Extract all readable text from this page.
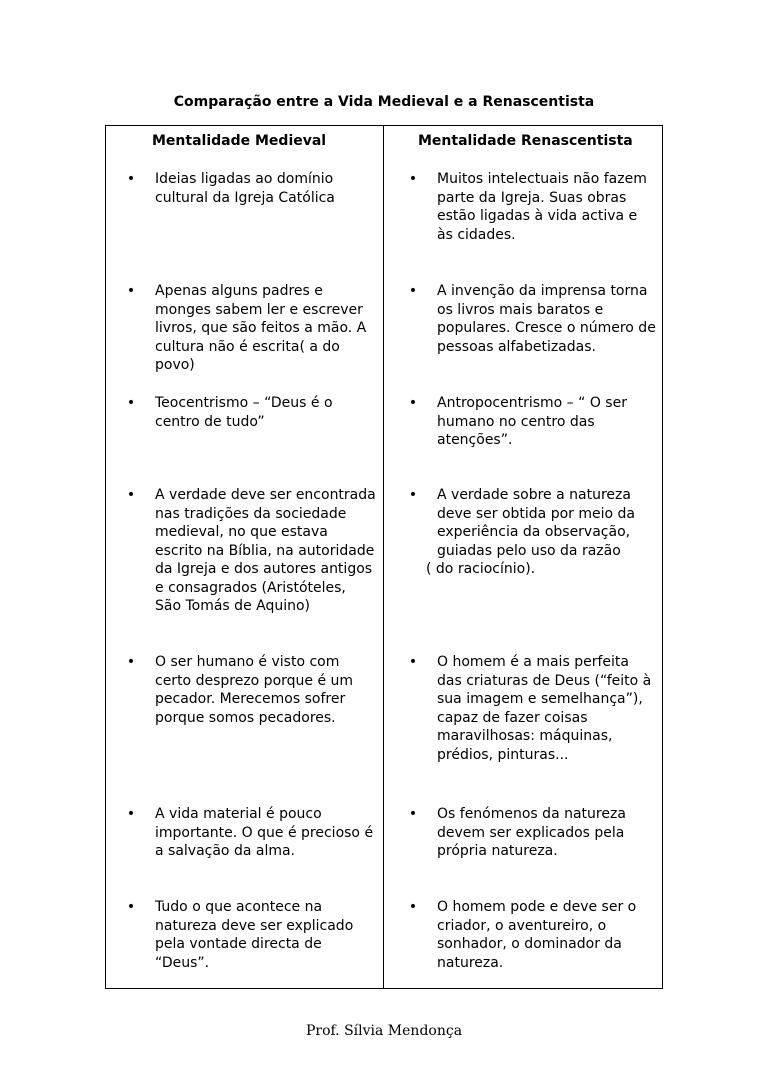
Comparação entre a Vida Medieval e a Renascentista
Mentalidade Medieval	Mentalidade Renascentista
• Ideias ligadas ao domínio cultural da Igreja Católica
• Muitos intelectuais não fazem parte da Igreja. Suas obras estão ligadas à vida activa e às cidades.
• Apenas alguns padres e monges sabem ler e escrever livros, que são feitos a mão. A cultura não é escrita( a do povo)
• A invenção da imprensa torna os livros mais baratos e populares. Cresce o número de pessoas alfabetizadas.
• Teocentrismo – “Deus é o centro de tudo”
• Antropocentrismo – “ O ser humano no centro das atenções”.
• A verdade deve ser encontrada nas tradições da sociedade medieval, no que estava escrito na Bíblia, na autoridade da Igreja e dos autores antigos e consagrados (Aristóteles, São Tomás de Aquino)
• A verdade sobre a natureza deve ser obtida por meio da experiência da observação, guiadas pelo uso da razão
( do raciocínio).
• O ser humano é visto com certo desprezo porque é um pecador. Merecemos sofrer porque somos pecadores.
• O homem é a mais perfeita das criaturas de Deus (“feito à sua imagem e semelhança”), capaz de fazer coisas maravilhosas: máquinas, prédios, pinturas...
• A vida material é pouco importante. O que é precioso é a salvação da alma.
• Os fenómenos da natureza devem ser explicados pela própria natureza.
• Tudo o que acontece na natureza deve ser explicado pela vontade directa de “Deus”.
• O homem pode e deve ser o criador, o aventureiro, o sonhador, o dominador da natureza.
Prof. Sílvia Mendonça
